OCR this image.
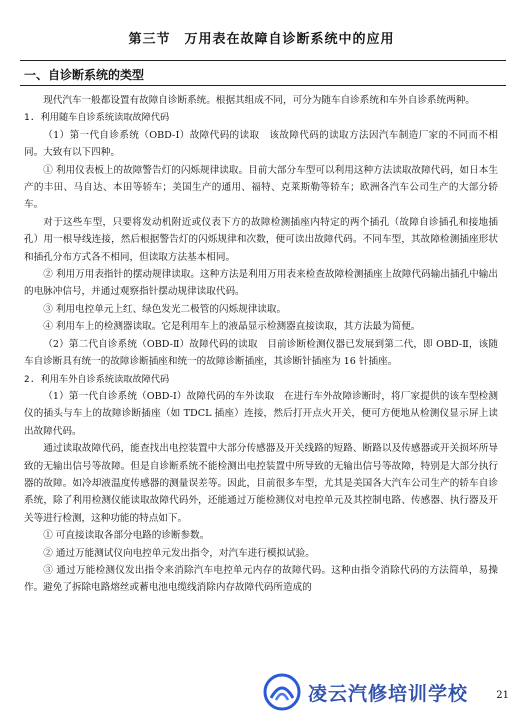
第三节　万用表在故障自诊断系统中的应用
一、自诊断系统的类型

现代汽车一般都设置有故障自诊断系统。根据其组成不同，可分为随车自诊系统和车外自诊系统两种。

1. 利用随车自诊系统读取故障代码

（1）第一代自诊系统（OBD-Ⅰ）故障代码的读取　该故障代码的读取方法因汽车制造厂家的不同而不相同。大致有以下四种。

① 利用仪表板上的故障警告灯的闪烁规律读取。目前大部分车型可以利用这种方法读取故障代码，如日本生产的丰田、马自达、本田等轿车；美国生产的通用、福特、克莱斯勒等轿车；欧洲各汽车公司生产的大部分轿车。

对于这些车型，只要将发动机附近或仪表下方的故障检测插座内特定的两个插孔（故障自诊插孔和接地插孔）用一根导线连接，然后根据警告灯的闪烁规律和次数，便可读出故障代码。不同车型，其故障检测插座形状和插孔分布方式各不相同，但读取方法基本相同。

② 利用万用表指针的摆动规律读取。这种方法是利用万用表来检查故障检测插座上故障代码输出插孔中输出的电脉冲信号，并通过观察指针摆动规律读取代码。

③ 利用电控单元上红、绿色发光二极管的闪烁规律读取。

④ 利用车上的检测器读取。它是利用车上的液晶显示检测器直接读取，其方法最为简便。

（2）第二代自诊系统（OBD-Ⅱ）故障代码的读取　目前诊断检测仪器已发展到第二代，即 OBD-Ⅱ，该随车自诊断具有统一的故障诊断插座和统一的故障诊断插座，其诊断针插座为 16 针插座。

2. 利用车外自诊系统读取故障代码

（1）第一代自诊系统（OBD-Ⅰ）故障代码的车外读取　在进行车外故障诊断时，将厂家提供的该车型检测仪的插头与车上的故障诊断插座（如 TDCL 插座）连接，然后打开点火开关，便可方便地从检测仪显示屏上读出故障代码。

通过读取故障代码，能查找出电控装置中大部分传感器及开关线路的短路、断路以及传感器或开关损坏所导致的无输出信号等故障。但是自诊断系统不能检测出电控装置中所导致的无输出信号等故障，特别是大部分执行器的故障。如冷却液温度传感器的测量误差等。因此，目前很多车型，尤其是美国各大汽车公司生产的轿车自诊系统，除了利用检测仪能读取故障代码外，还能通过万能检测仪对电控单元及其控制电路、传感器、执行器及开关等进行检测，这种功能的特点如下。

① 可直接读取各部分电路的诊断参数。

② 通过万能测试仪向电控单元发出指令，对汽车进行模拟试验。

③ 通过万能检测仪发出指令来消除汽车电控单元内存的故障代码。这种由指令消除代码的方法简单，易操作。避免了拆除电路熔丝或蓄电池电缆线消除内存故障代码所造成的

21
凌云汽修培训学校
